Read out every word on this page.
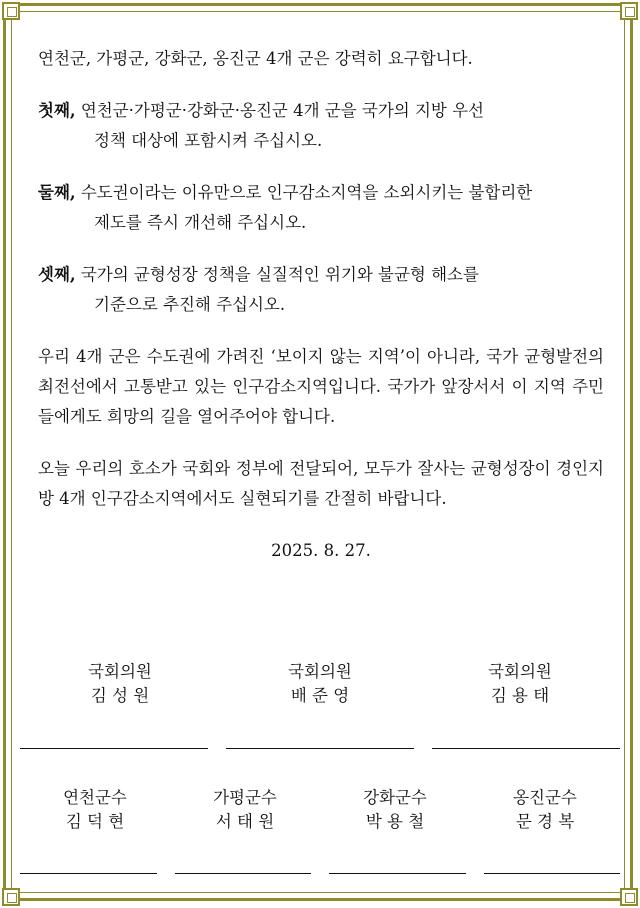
연천군, 가평군, 강화군, 옹진군 4개 군은 강력히 요구합니다.

첫째, 연천군·가평군·강화군·옹진군 4개 군을 국가의 지방 우선

정책 대상에 포함시켜 주십시오.

둘째, 수도권이라는 이유만으로 인구감소지역을 소외시키는 불합리한

제도를 즉시 개선해 주십시오.

셋째, 국가의 균형성장 정책을 실질적인 위기와 불균형 해소를

기준으로 추진해 주십시오.

우리 4개 군은 수도권에 가려진 ‘보이지 않는 지역’이 아니라, 국가 균형발전의 최전선에서 고통받고 있는 인구감소지역입니다. 국가가 앞장서서 이 지역 주민들에게도 희망의 길을 열어주어야 합니다.

오늘 우리의 호소가 국회와 정부에 전달되어, 모두가 잘사는 균형성장이 경인지방 4개 인구감소지역에서도 실현되기를 간절히 바랍니다.

2025. 8. 27.

국회의원
김 성 원
국회의원
배 준 영
국회의원
김 용 태
연천군수
김 덕 현
가평군수
서 태 원
강화군수
박 용 철
옹진군수
문 경 복
